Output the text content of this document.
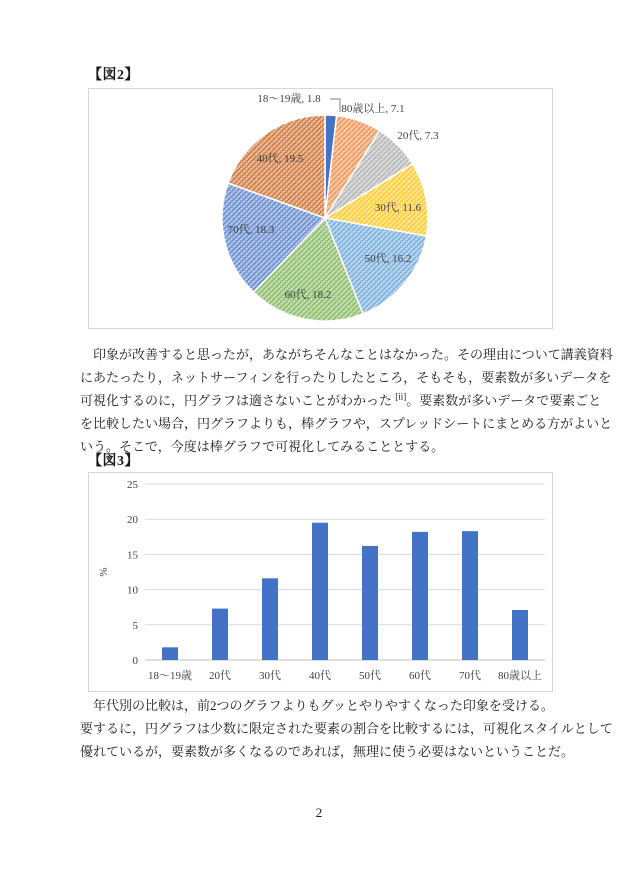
【図2】
18〜19歳, 1.8
80歳以上, 7.1
20代, 7.3
30代, 11.6
50代, 16.2
60代, 18.2
70代, 18.3
40代, 19.5
　印象が改善すると思ったが，あながちそんなことはなかった。その理由について講義資料
にあたったり，ネットサーフィンを行ったりしたところ，そもそも，要素数が多いデータを
可視化するのに，円グラフは適さないことがわかった [ii]。要素数が多いデータで要素ごと
を比較したい場合，円グラフよりも，棒グラフや，スプレッドシートにまとめる方がよいと
いう。そこで，今度は棒グラフで可視化してみることとする。
【図3】
0
5
10
15
20
25
18〜19歳 20代	30代	40代	50代	60代	70代 80歳以上
%
　年代別の比較は，前2つのグラフよりもグッとやりやすくなった印象を受ける。
要するに，円グラフは少数に限定された要素の割合を比較するには，可視化スタイルとして
優れているが，要素数が多くなるのであれば，無理に使う必要はないということだ。
2
